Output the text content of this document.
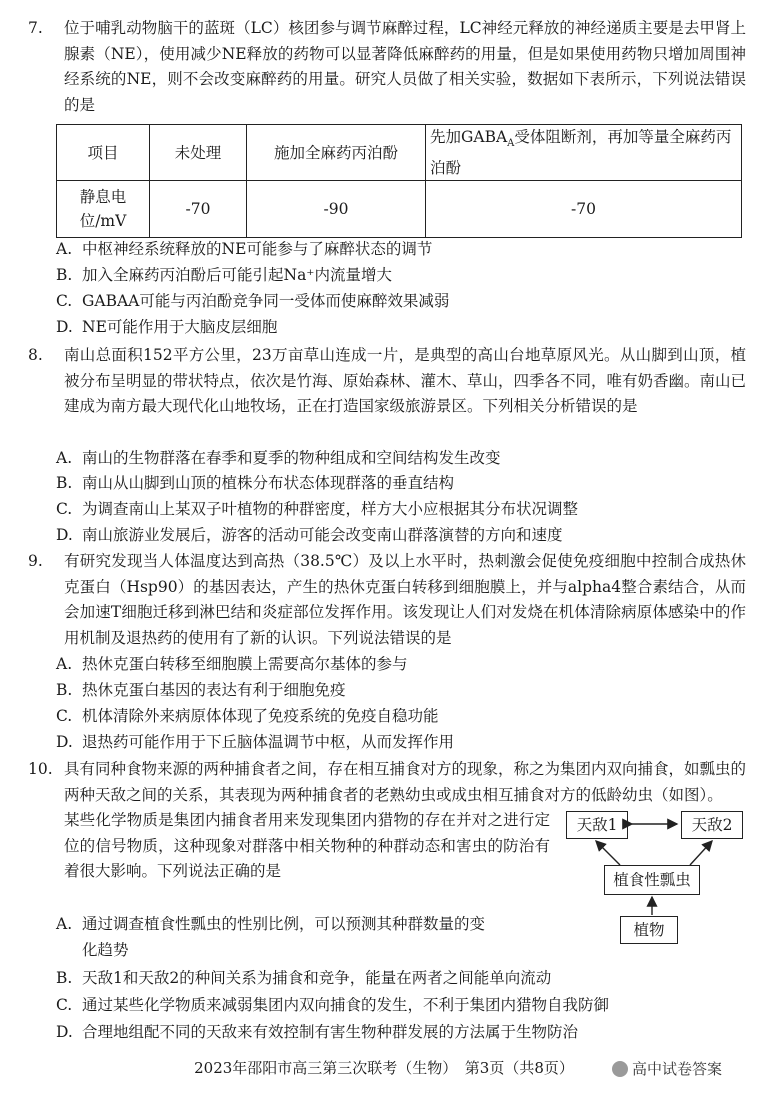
7. 位于哺乳动物脑干的蓝斑（LC）核团参与调节麻醉过程，LC神经元释放的神经递质主要是去甲肾上腺素（NE），使用减少NE释放的药物可以显著降低麻醉药的用量，但是如果使用药物只增加周围神经系统的NE，则不会改变麻醉药的用量。研究人员做了相关实验，数据如下表所示，下列说法错误的是
项目	未处理	施加全麻药丙泊酚	先加$GABA_A$受体阻断剂，再加等量全麻药丙泊酚
静息电位/mV	-70	-90	-70
A. 中枢神经系统释放的NE可能参与了麻醉状态的调节
B. 加入全麻药丙泊酚后可能引起Na⁺内流量增大
C. GABAA可能与丙泊酚竞争同一受体而使麻醉效果减弱
D. NE可能作用于大脑皮层细胞
8. 南山总面积152平方公里，23万亩草山连成一片，是典型的高山台地草原风光。从山脚到山顶，植被分布呈明显的带状特点，依次是竹海、原始森林、灌木、草山，四季各不同，唯有奶香幽。南山已建成为南方最大现代化山地牧场，正在打造国家级旅游景区。下列相关分析错误的是
A. 南山的生物群落在春季和夏季的物种组成和空间结构发生改变
B. 南山从山脚到山顶的植株分布状态体现群落的垂直结构
C. 为调查南山上某双子叶植物的种群密度，样方大小应根据其分布状况调整
D. 南山旅游业发展后，游客的活动可能会改变南山群落演替的方向和速度
9. 有研究发现当人体温度达到高热（38.5℃）及以上水平时，热刺激会促使免疫细胞中控制合成热休克蛋白（Hsp90）的基因表达，产生的热休克蛋白转移到细胞膜上，并与alpha4整合素结合，从而会加速T细胞迁移到淋巴结和炎症部位发挥作用。该发现让人们对发烧在机体清除病原体感染中的作用机制及退热药的使用有了新的认识。下列说法错误的是
A. 热休克蛋白转移至细胞膜上需要高尔基体的参与
B. 热休克蛋白基因的表达有利于细胞免疫
C. 机体清除外来病原体体现了免疫系统的免疫自稳功能
D. 退热药可能作用于下丘脑体温调节中枢，从而发挥作用
10. 具有同种食物来源的两种捕食者之间，存在相互捕食对方的现象，称之为集团内双向捕食，如瓢虫的两种天敌之间的关系，其表现为两种捕食者的老熟幼虫或成虫相互捕食对方的低龄幼虫（如图）。
某些化学物质是集团内捕食者用来发现集团内猎物的存在并对之进行定位的信号物质，这种现象对群落中相关物种的种群动态和害虫的防治有着很大影响。下列说法正确的是
天敌1	天敌2
植食性瓢虫
植物
A. 通过调查植食性瓢虫的性别比例，可以预测其种群数量的变
化趋势
B. 天敌1和天敌2的种间关系为捕食和竞争，能量在两者之间能单向流动
C. 通过某些化学物质来减弱集团内双向捕食的发生，不利于集团内猎物自我防御
D. 合理地组配不同的天敌来有效控制有害生物种群发展的方法属于生物防治
2023年邵阳市高三第三次联考（生物）　第3页（共8页）	高中试卷答案
